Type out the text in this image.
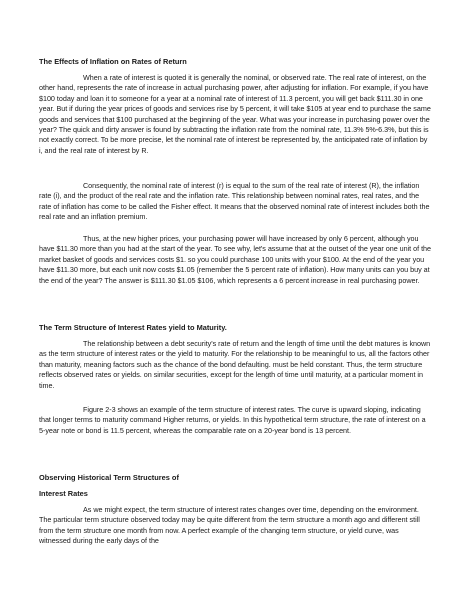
The Effects of Inflation on Rates of Return

When a rate of interest is quoted it is generally the nominal, or observed rate. The real rate of interest, on the other hand, represents the rate of increase in actual purchasing power, after adjusting for inflation. For example, if you have $100 today and loan it to someone for a year at a nominal rate of interest of 11.3 percent, you will get back $111.30 in one year. But if during the year prices of goods and services rise by 5 percent, it will take $105 at year end to purchase the same goods and services that $100 purchased at the beginning of the year. What was your increase in purchasing power over the year? The quick and dirty answer is found by subtracting the inflation rate from the nominal rate, 11.3% 5%-6.3%, but this is not exactly correct. To be more precise, let the nominal rate of interest be represented by, the anticipated rate of inflation by i, and the real rate of interest by R.

Consequently, the nominal rate of interest (r) is equal to the sum of the real rate of interest (R), the inflation rate (i), and the product of the real rate and the inflation rate. This relationship between nominal rates, real rates, and the rate of inflation has come to be called the Fisher effect. It means that the observed nominal rate of interest includes both the real rate and an inflation premium.

Thus, at the new higher prices, your purchasing power will have increased by only 6 percent, although you have $11.30 more than you had at the start of the year. To see why, let's assume that at the outset of the year one unit of the market basket of goods and services costs $1. so you could purchase 100 units with your $100. At the end of the year you have $11.30 more, but each unit now costs $1.05 (remember the 5 percent rate of inflation). How many units can you buy at the end of the year? The answer is $111.30 $1.05 $106, which represents a 6 percent increase in real purchasing power.

The Term Structure of Interest Rates yield to Maturity.

The relationship between a debt security's rate of return and the length of time until the debt matures is known as the term structure of interest rates or the yield to maturity. For the relationship to be meaningful to us, all the factors other than maturity, meaning factors such as the chance of the bond defaulting. must be held constant. Thus, the term structure reflects observed rates or yields. on similar securities, except for the length of time until maturity, at a particular moment in time.

Figure 2-3 shows an example of the term structure of interest rates. The curve is upward sloping, indicating that longer terms to maturity command Higher returns, or yields. In this hypothetical term structure, the rate of interest on a 5-year note or bond is 11.5 percent, whereas the comparable rate on a 20-year bond is 13 percent.

Observing Historical Term Structures of

Interest Rates

As we might expect, the term structure of interest rates changes over time, depending on the environment. The particular term structure observed today may be quite different from the term structure a month ago and different still from the term structure one month from now. A perfect example of the changing term structure, or yield curve, was witnessed during the early days of the
